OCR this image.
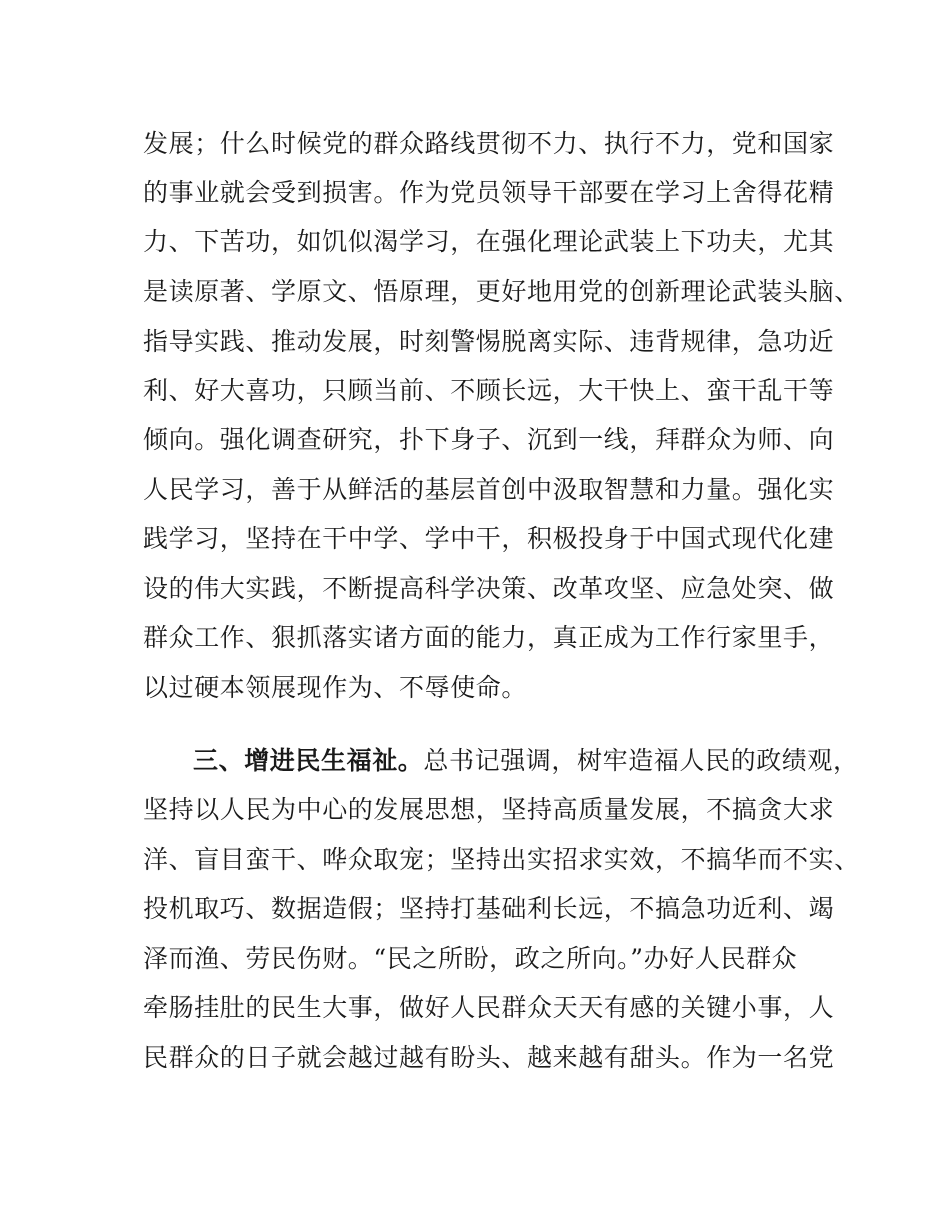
发展；什么时候党的群众路线贯彻不力、执行不力，党和国家
的事业就会受到损害。作为党员领导干部要在学习上舍得花精
力、下苦功，如饥似渴学习，在强化理论武装上下功夫，尤其
是读原著、学原文、悟原理，更好地用党的创新理论武装头脑、
指导实践、推动发展，时刻警惕脱离实际、违背规律，急功近
利、好大喜功，只顾当前、不顾长远，大干快上、蛮干乱干等
倾向。强化调查研究，扑下身子、沉到一线，拜群众为师、向
人民学习，善于从鲜活的基层首创中汲取智慧和力量。强化实
践学习，坚持在干中学、学中干，积极投身于中国式现代化建
设的伟大实践，不断提高科学决策、改革攻坚、应急处突、做
群众工作、狠抓落实诸方面的能力，真正成为工作行家里手，
以过硬本领展现作为、不辱使命。
三、增进民生福祉。总书记强调，树牢造福人民的政绩观，
坚持以人民为中心的发展思想，坚持高质量发展，不搞贪大求
洋、盲目蛮干、哗众取宠；坚持出实招求实效，不搞华而不实、
投机取巧、数据造假；坚持打基础利长远，不搞急功近利、竭
泽而渔、劳民伤财。“民之所盼，政之所向。”办好人民群众
牵肠挂肚的民生大事，做好人民群众天天有感的关键小事，人
民群众的日子就会越过越有盼头、越来越有甜头。作为一名党
